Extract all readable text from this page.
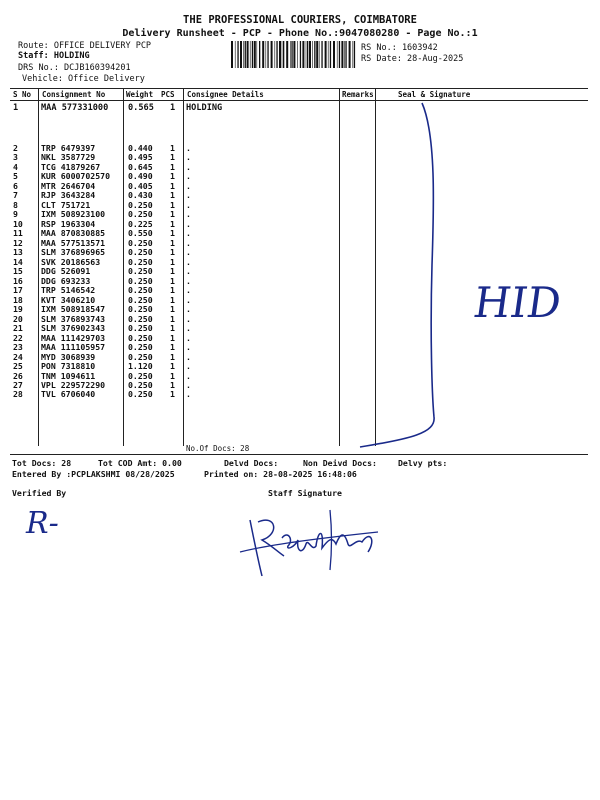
THE PROFESSIONAL COURIERS, COIMBATORE
Delivery Runsheet - PCP - Phone No.:9047080280 - Page No.:1
Route: OFFICE DELIVERY PCP
Staff: HOLDING
DRS No.: DCJB160394201
Vehicle: Office Delivery
RS No.: 1603942
RS Date: 28-Aug-2025
S No Consignment No	Weight PCS Consignee Details	Remarks	Seal & Signature
1	MAA 577331000 0.565 1 HOLDING
2	TRP 6479397	0.440 1 .
3	NKL 3587729	0.495 1 .
4	TCG 41879267	0.645 1 .
5	KUR 6000702570 0.490 1 .
6	MTR 2646704	0.405 1 .
7	RJP 3643284	0.430 1 .
8	CLT 751721	0.250 1 .
9	IXM 508923100	0.250 1 .
10 RSP 1963304	0.225 1 .
11 MAA 870830885	0.550 1 .
12 MAA 577513571	0.250 1 .
13 SLM 376896965	0.250 1 .
14 SVK 20186563	0.250 1 .
15 DDG 526091	0.250 1 .
16 DDG 693233	0.250 1 .
17 TRP 5146542	0.250 1 .
18 KVT 3406210	0.250 1 .
19 IXM 508918547	0.250 1 .
20 SLM 376893743	0.250 1 .
21 SLM 376902343	0.250 1 .
22 MAA 111429703	0.250 1 .
23 MAA 111105957	0.250 1 .
24 MYD 3068939	0.250 1 .
25 PON 7318810	1.120 1 .
26 TNM 1094611	0.250 1 .
27 VPL 229572290	0.250 1 .
28 TVL 6706040	0.250 1 .
No.Of Docs: 28
HID
Tot Docs: 28	Tot COD Amt: 0.00	Delvd Docs:	Non Deivd Docs:	Delvy pts:
Entered By :PCPLAKSHMI 08/28/2025	Printed on: 28-08-2025 16:48:06
Verified By	Staff Signature
R-
